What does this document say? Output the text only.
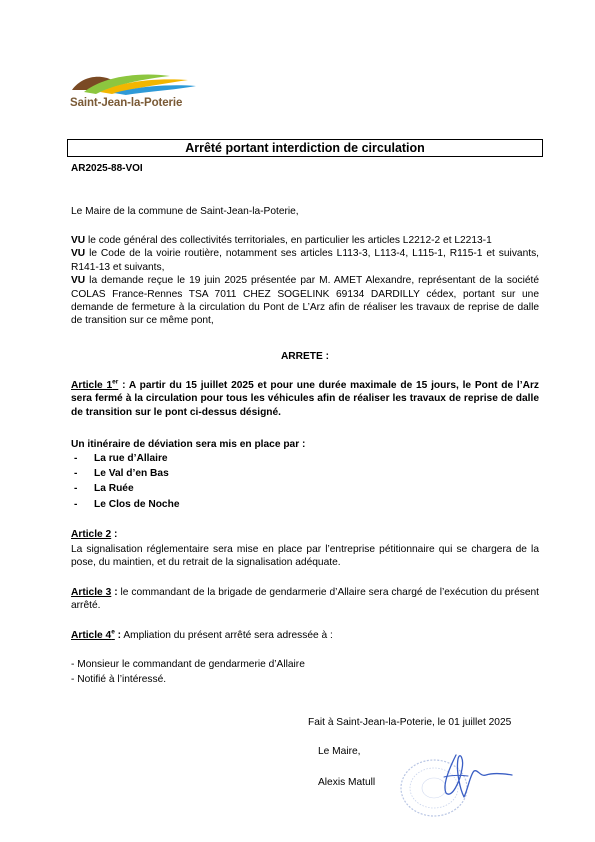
Saint-Jean-la-Poterie
Arrêté portant interdiction de circulation
AR2025-88-VOI
Le Maire de la commune de Saint-Jean-la-Poterie,
VU le code général des collectivités territoriales, en particulier les articles L2212-2 et L2213-1
VU le Code de la voirie routière, notamment ses articles L113-3, L113-4, L115-1, R115-1 et suivants, R141-13 et suivants,
VU la demande reçue le 19 juin 2025 présentée par M. AMET Alexandre, représentant de la société COLAS France-Rennes TSA 7011 CHEZ SOGELINK 69134 DARDILLY cédex, portant sur une demande de fermeture à la circulation du Pont de L’Arz afin de réaliser les travaux de reprise de dalle de transition sur ce même pont,
ARRETE :
Article 1er : A partir du 15 juillet 2025 et pour une durée maximale de 15 jours, le Pont de l’Arz sera fermé à la circulation pour tous les véhicules afin de réaliser les travaux de reprise de dalle de transition sur le pont ci-dessus désigné.
Un itinéraire de déviation sera mis en place par :
-	La rue d’Allaire
-	Le Val d’en Bas
-	La Ruée
-	Le Clos de Noche
Article 2 :
La signalisation réglementaire sera mise en place par l’entreprise pétitionnaire qui se chargera de la pose, du maintien, et du retrait de la signalisation adéquate.
Article 3 : le commandant de la brigade de gendarmerie d’Allaire sera chargé de l’exécution du présent arrêté.
Article 4e : Ampliation du présent arrêté sera adressée à :
- Monsieur le commandant de gendarmerie d’Allaire
- Notifié à l’intéressé.
Fait à Saint-Jean-la-Poterie, le 01 juillet 2025
Le Maire,
Alexis Matull
